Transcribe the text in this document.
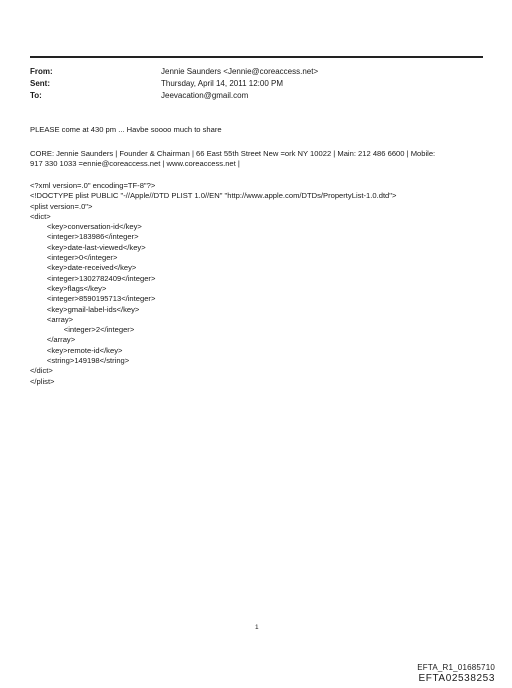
From:	Jennie Saunders <Jennie@coreaccess.net>
Sent:	Thursday, April 14, 2011 12:00 PM
To:	Jeevacation@gmail.com
PLEASE come at 430 pm ... Havbe soooo much to share
CORE: Jennie Saunders | Founder & Chairman | 66 East 55th Street New =ork NY 10022 | Main: 212 486 6600 | Mobile:
917 330 1033 =ennie@coreaccess.net | www.coreaccess.net |
<?xml version=.0" encoding=TF-8"?>
<!DOCTYPE plist PUBLIC "-//Apple//DTD PLIST 1.0//EN" "http://www.apple.com/DTDs/PropertyList-1.0.dtd">
<plist version=.0">
<dict>
<key>conversation-id</key>
<integer>183986</integer>
<key>date-last-viewed</key>
<integer>0</integer>
<key>date-received</key>
<integer>1302782409</integer>
<key>flags</key>
<integer>8590195713</integer>
<key>gmail-label-ids</key>
<array>
<integer>2</integer>
</array>
<key>remote-id</key>
<string>149198</string>
</dict>
</plist>
1
EFTA_R1_01685710
EFTA02538253
